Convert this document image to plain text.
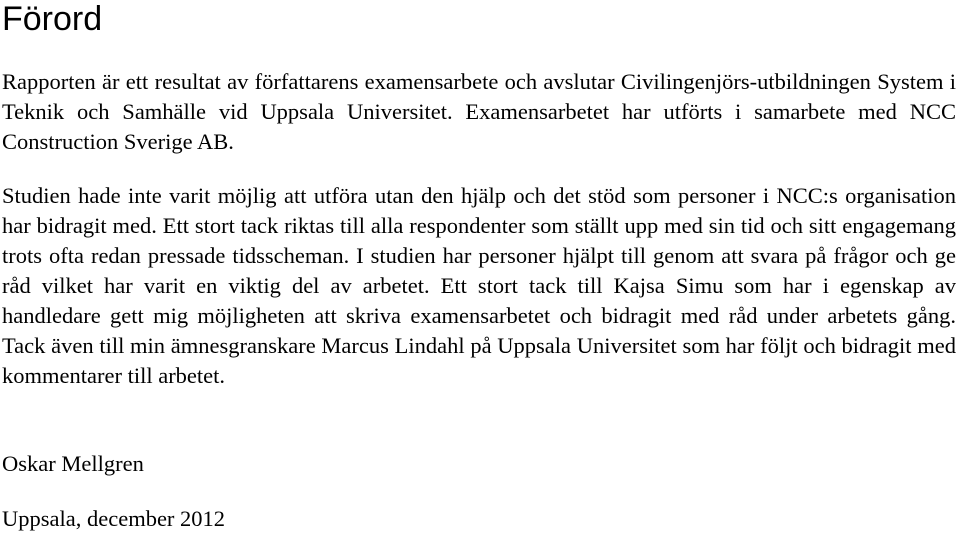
Förord

Rapporten är ett resultat av författarens examensarbete och avslutar Civilingenjörs-utbildningen System i Teknik och Samhälle vid Uppsala Universitet. Examensarbetet har utförts i samarbete med NCC Construction Sverige AB.

Studien hade inte varit möjlig att utföra utan den hjälp och det stöd som personer i NCC:s organisation har bidragit med. Ett stort tack riktas till alla respondenter som ställt upp med sin tid och sitt engagemang trots ofta redan pressade tidsscheman. I studien har personer hjälpt till genom att svara på frågor och ge råd vilket har varit en viktig del av arbetet. Ett stort tack till Kajsa Simu som har i egenskap av handledare gett mig möjligheten att skriva examensarbetet och bidragit med råd under arbetets gång. Tack även till min ämnesgranskare Marcus Lindahl på Uppsala Universitet som har följt och bidragit med kommentarer till arbetet.

Oskar Mellgren

Uppsala, december 2012
